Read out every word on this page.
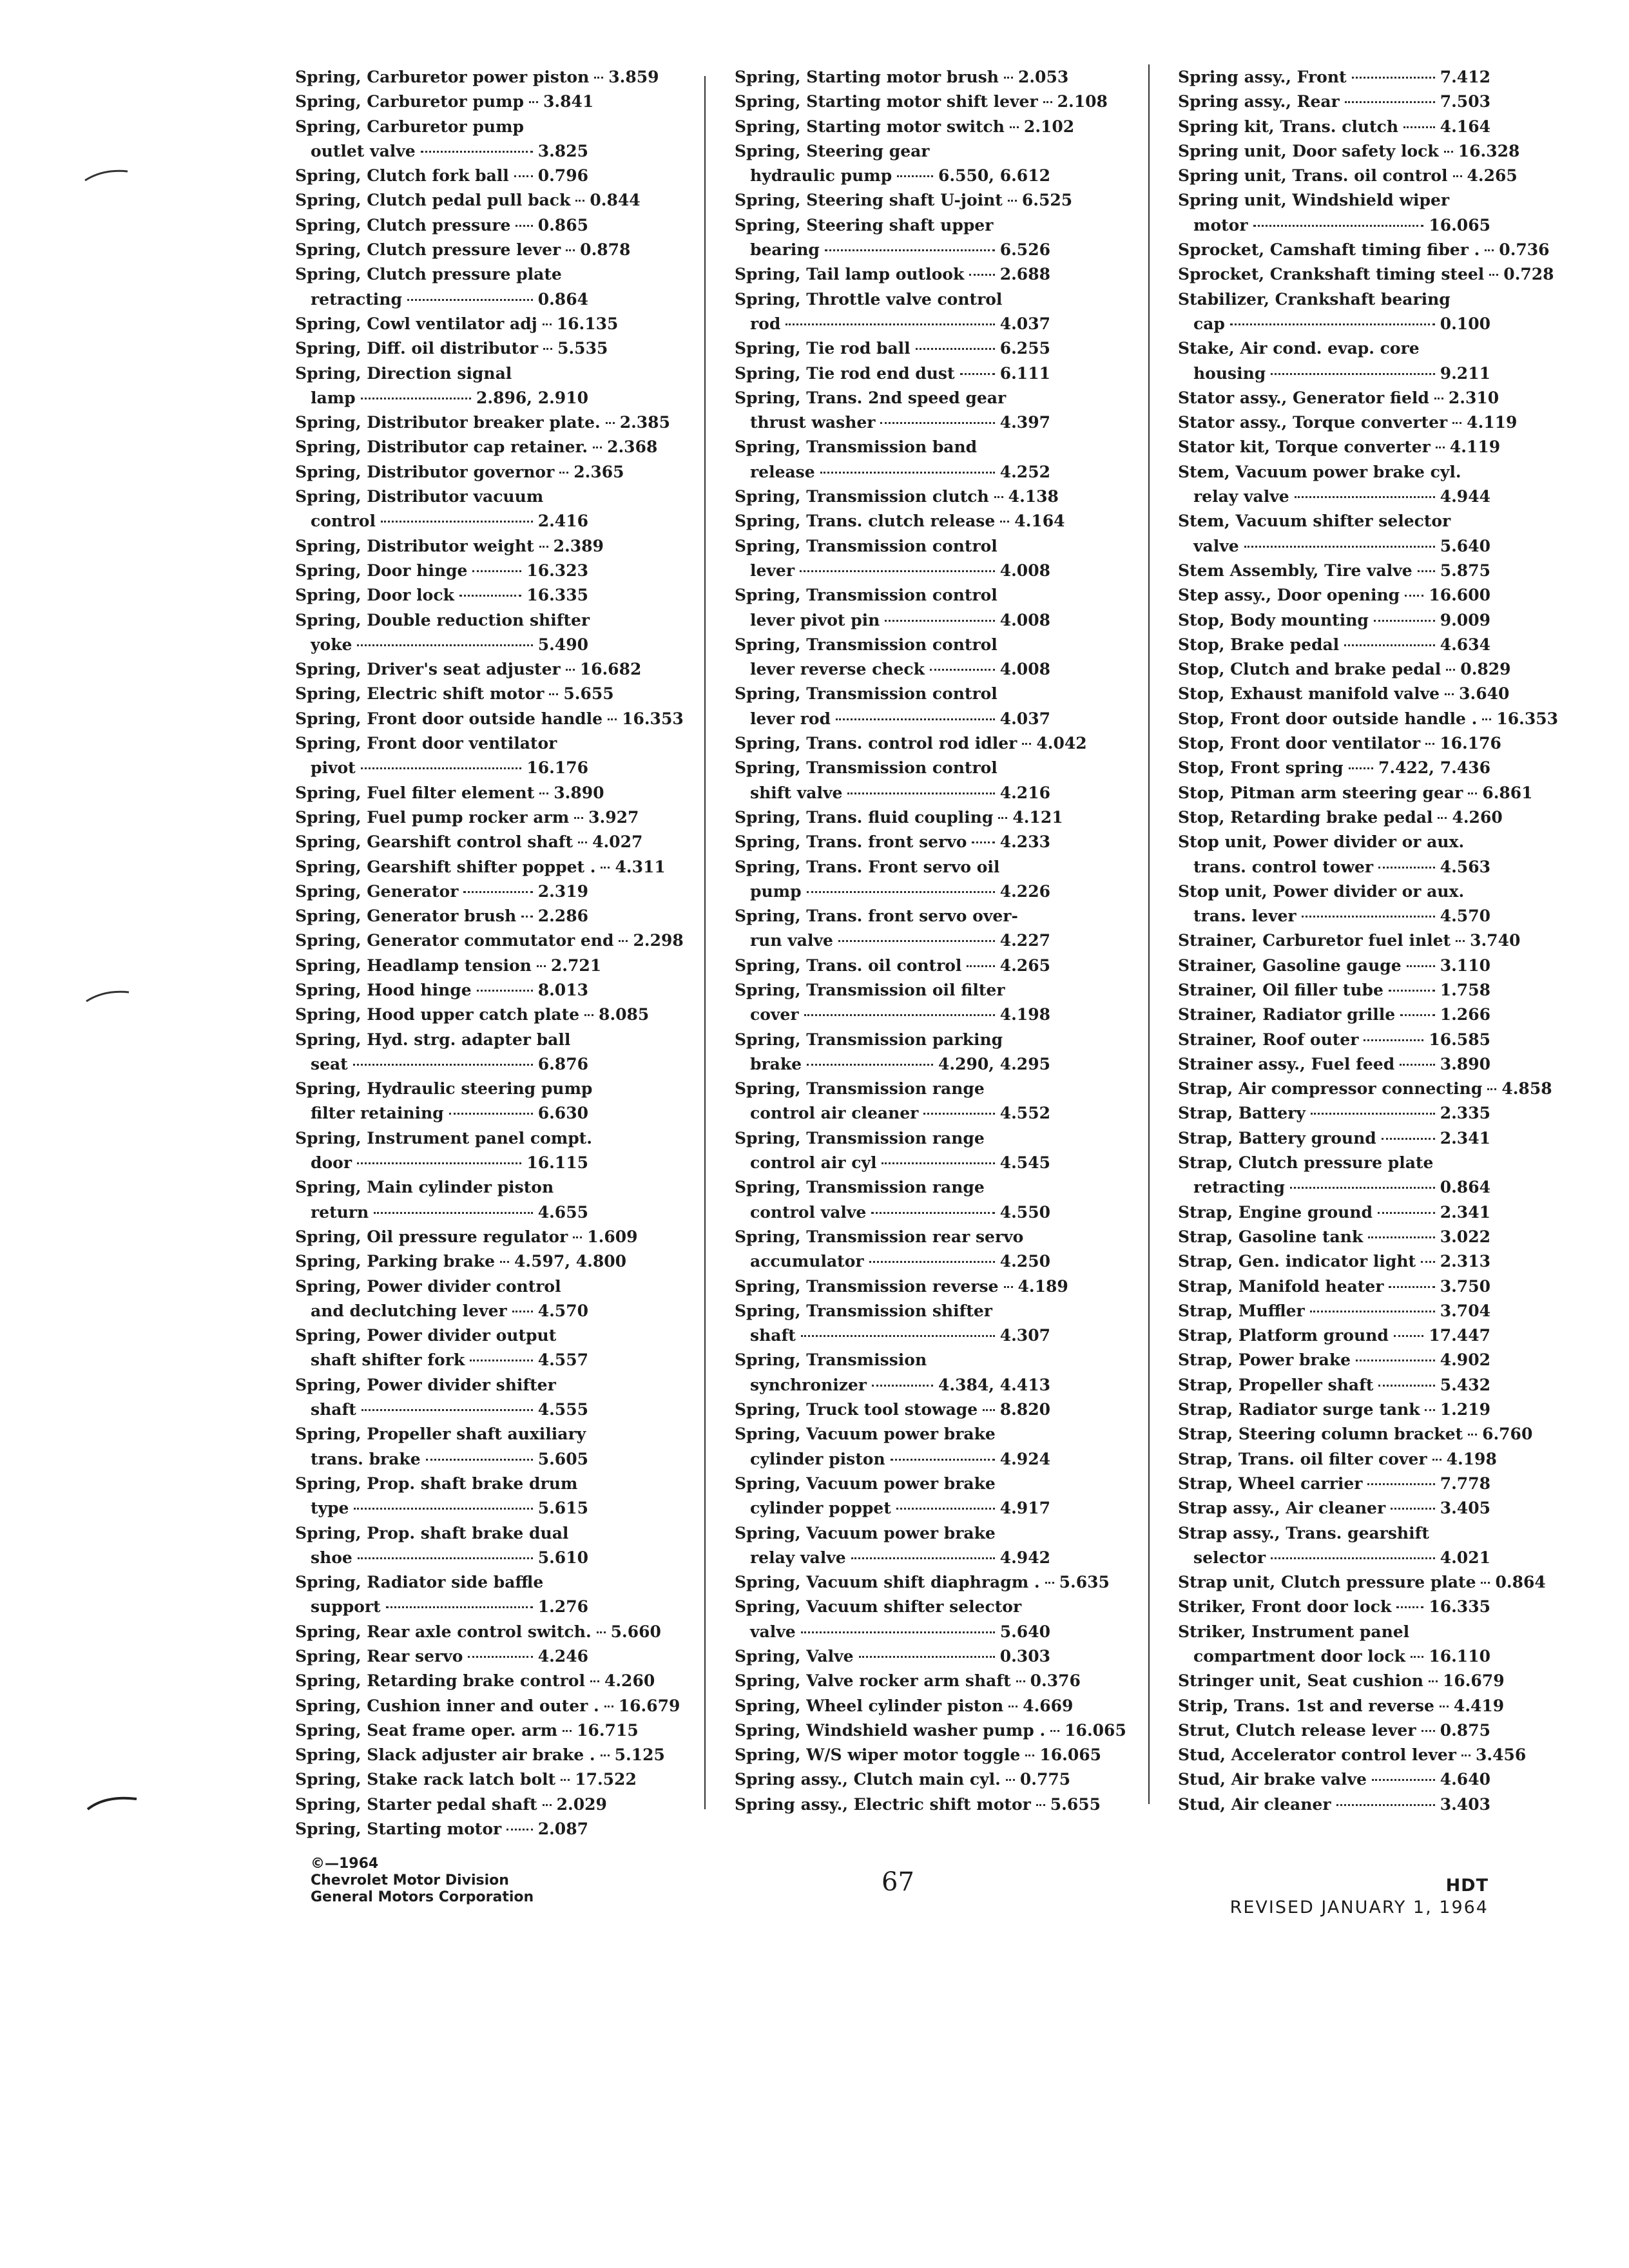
Spring, Carburetor power piston 3.859
Spring, Carburetor pump 3.841
Spring, Carburetor pump
outlet valve	3.825
Spring, Clutch fork ball 0.796
Spring, Clutch pedal pull back 0.844
Spring, Clutch pressure 0.865
Spring, Clutch pressure lever 0.878
Spring, Clutch pressure plate
retracting	0.864
Spring, Cowl ventilator adj 16.135
Spring, Diff. oil distributor 5.535
Spring, Direction signal
lamp	2.896, 2.910
Spring, Distributor breaker plate. 2.385
Spring, Distributor cap retainer. 2.368
Spring, Distributor governor 2.365
Spring, Distributor vacuum
control	2.416
Spring, Distributor weight 2.389
Spring, Door hinge	16.323
Spring, Door lock	16.335
Spring, Double reduction shifter
yoke	5.490
Spring, Driver's seat adjuster 16.682
Spring, Electric shift motor 5.655
Spring, Front door outside handle 16.353
Spring, Front door ventilator
pivot	16.176
Spring, Fuel filter element 3.890
Spring, Fuel pump rocker arm 3.927
Spring, Gearshift control shaft 4.027
Spring, Gearshift shifter poppet . 4.311
Spring, Generator	2.319
Spring, Generator brush 2.286
Spring, Generator commutator end 2.298
Spring, Headlamp tension 2.721
Spring, Hood hinge	8.013
Spring, Hood upper catch plate 8.085
Spring, Hyd. strg. adapter ball
seat	6.876
Spring, Hydraulic steering pump
filter retaining	6.630
Spring, Instrument panel compt.
door	16.115
Spring, Main cylinder piston
return	4.655
Spring, Oil pressure regulator 1.609
Spring, Parking brake 4.597, 4.800
Spring, Power divider control
and declutching lever 4.570
Spring, Power divider output
shaft shifter fork	4.557
Spring, Power divider shifter
shaft	4.555
Spring, Propeller shaft auxiliary
trans. brake	5.605
Spring, Prop. shaft brake drum
type	5.615
Spring, Prop. shaft brake dual
shoe	5.610
Spring, Radiator side baffle
support	1.276
Spring, Rear axle control switch. 5.660
Spring, Rear servo	4.246
Spring, Retarding brake control 4.260
Spring, Cushion inner and outer . 16.679
Spring, Seat frame oper. arm 16.715
Spring, Slack adjuster air brake . 5.125
Spring, Stake rack latch bolt 17.522
Spring, Starter pedal shaft 2.029
Spring, Starting motor 2.087
Spring, Starting motor brush 2.053
Spring, Starting motor shift lever 2.108
Spring, Starting motor switch 2.102
Spring, Steering gear
hydraulic pump	6.550, 6.612
Spring, Steering shaft U-joint 6.525
Spring, Steering shaft upper
bearing	6.526
Spring, Tail lamp outlook 2.688
Spring, Throttle valve control
rod	4.037
Spring, Tie rod ball	6.255
Spring, Tie rod end dust	6.111
Spring, Trans. 2nd speed gear
thrust washer	4.397
Spring, Transmission band
release	4.252
Spring, Transmission clutch 4.138
Spring, Trans. clutch release 4.164
Spring, Transmission control
lever	4.008
Spring, Transmission control
lever pivot pin	4.008
Spring, Transmission control
lever reverse check	4.008
Spring, Transmission control
lever rod	4.037
Spring, Trans. control rod idler 4.042
Spring, Transmission control
shift valve	4.216
Spring, Trans. fluid coupling 4.121
Spring, Trans. front servo 4.233
Spring, Trans. Front servo oil
pump	4.226
Spring, Trans. front servo over-
run valve	4.227
Spring, Trans. oil control 4.265
Spring, Transmission oil filter
cover	4.198
Spring, Transmission parking
brake	4.290, 4.295
Spring, Transmission range
control air cleaner	4.552
Spring, Transmission range
control air cyl	4.545
Spring, Transmission range
control valve	4.550
Spring, Transmission rear servo
accumulator	4.250
Spring, Transmission reverse 4.189
Spring, Transmission shifter
shaft	4.307
Spring, Transmission
synchronizer	4.384, 4.413
Spring, Truck tool stowage 8.820
Spring, Vacuum power brake
cylinder piston	4.924
Spring, Vacuum power brake
cylinder poppet	4.917
Spring, Vacuum power brake
relay valve	4.942
Spring, Vacuum shift diaphragm . 5.635
Spring, Vacuum shifter selector
valve	5.640
Spring, Valve	0.303
Spring, Valve rocker arm shaft 0.376
Spring, Wheel cylinder piston 4.669
Spring, Windshield washer pump . 16.065
Spring, W/S wiper motor toggle 16.065
Spring assy., Clutch main cyl. 0.775
Spring assy., Electric shift motor 5.655
Spring assy., Front	7.412
Spring assy., Rear	7.503
Spring kit, Trans. clutch	4.164
Spring unit, Door safety lock 16.328
Spring unit, Trans. oil control 4.265
Spring unit, Windshield wiper
motor	16.065
Sprocket, Camshaft timing fiber . 0.736
Sprocket, Crankshaft timing steel 0.728
Stabilizer, Crankshaft bearing
cap	0.100
Stake, Air cond. evap. core
housing	9.211
Stator assy., Generator field 2.310
Stator assy., Torque converter 4.119
Stator kit, Torque converter 4.119
Stem, Vacuum power brake cyl.
relay valve	4.944
Stem, Vacuum shifter selector
valve	5.640
Stem Assembly, Tire valve 5.875
Step assy., Door opening 16.600
Stop, Body mounting	9.009
Stop, Brake pedal	4.634
Stop, Clutch and brake pedal 0.829
Stop, Exhaust manifold valve 3.640
Stop, Front door outside handle . 16.353
Stop, Front door ventilator 16.176
Stop, Front spring 7.422, 7.436
Stop, Pitman arm steering gear 6.861
Stop, Retarding brake pedal 4.260
Stop unit, Power divider or aux.
trans. control tower	4.563
Stop unit, Power divider or aux.
trans. lever	4.570
Strainer, Carburetor fuel inlet 3.740
Strainer, Gasoline gauge 3.110
Strainer, Oil filler tube	1.758
Strainer, Radiator grille	1.266
Strainer, Roof outer	16.585
Strainer assy., Fuel feed	3.890
Strap, Air compressor connecting 4.858
Strap, Battery	2.335
Strap, Battery ground	2.341
Strap, Clutch pressure plate
retracting	0.864
Strap, Engine ground	2.341
Strap, Gasoline tank	3.022
Strap, Gen. indicator light 2.313
Strap, Manifold heater	3.750
Strap, Muffler	3.704
Strap, Platform ground 17.447
Strap, Power brake	4.902
Strap, Propeller shaft	5.432
Strap, Radiator surge tank 1.219
Strap, Steering column bracket 6.760
Strap, Trans. oil filter cover 4.198
Strap, Wheel carrier	7.778
Strap assy., Air cleaner	3.405
Strap assy., Trans. gearshift
selector	4.021
Strap unit, Clutch pressure plate 0.864
Striker, Front door lock 16.335
Striker, Instrument panel
compartment door lock 16.110
Stringer unit, Seat cushion 16.679
Strip, Trans. 1st and reverse 4.419
Strut, Clutch release lever 0.875
Stud, Accelerator control lever 3.456
Stud, Air brake valve	4.640
Stud, Air cleaner	3.403
©—1964
Chevrolet Motor Division
General Motors Corporation
67	HDT
REVISED JANUARY 1, 1964
